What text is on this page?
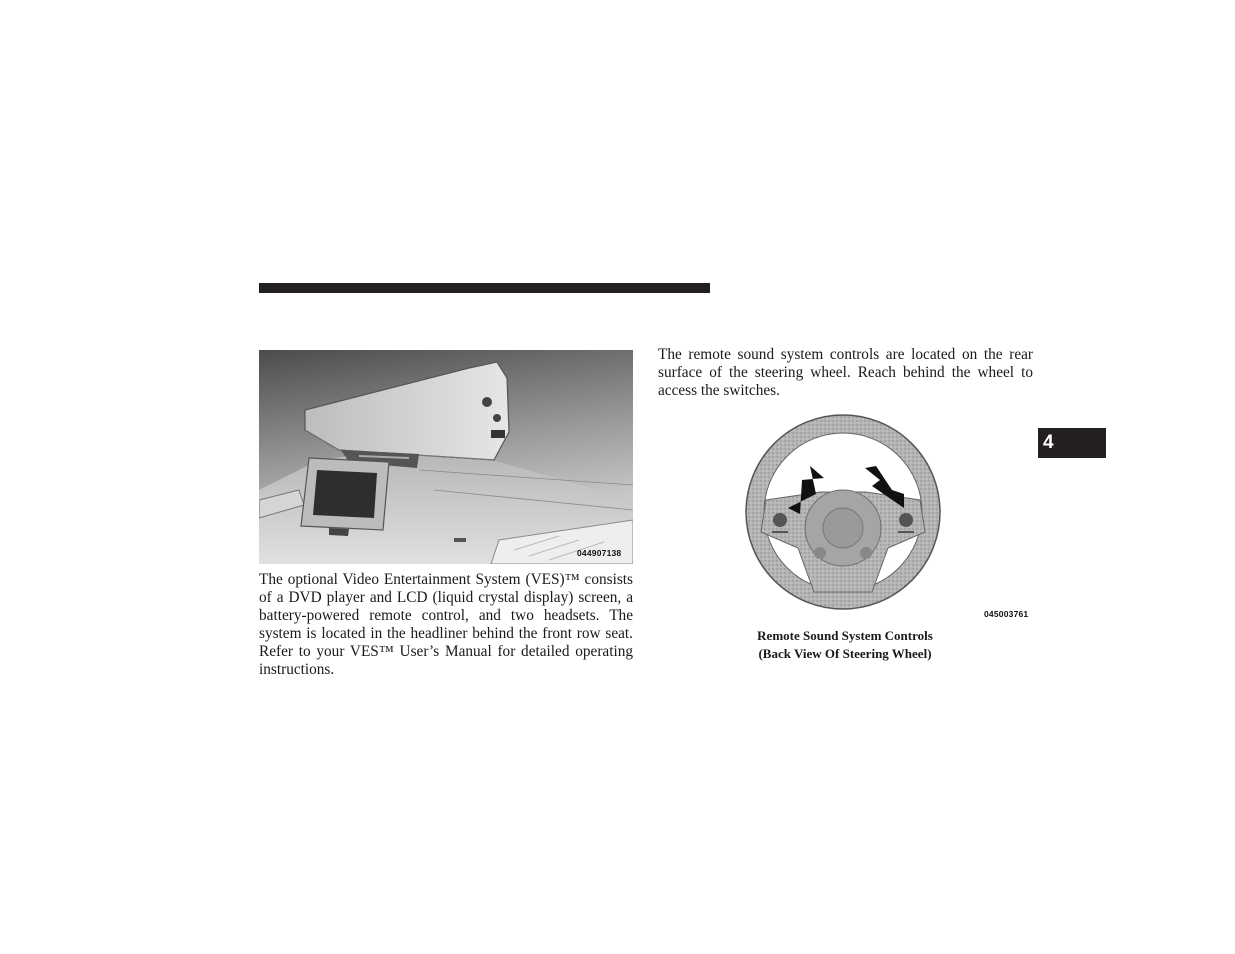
044907138

The optional Video Entertainment System (VES)™ consists of a DVD player and LCD (liquid crystal display) screen, a battery-powered remote control, and two headsets. The system is located in the headliner behind the front row seat. Refer to your VES™ User’s Manual for detailed operating instructions.

The remote sound system controls are located on the rear surface of the steering wheel. Reach behind the wheel to access the switches.

045003761
Remote Sound System Controls
(Back View Of Steering Wheel)
4
